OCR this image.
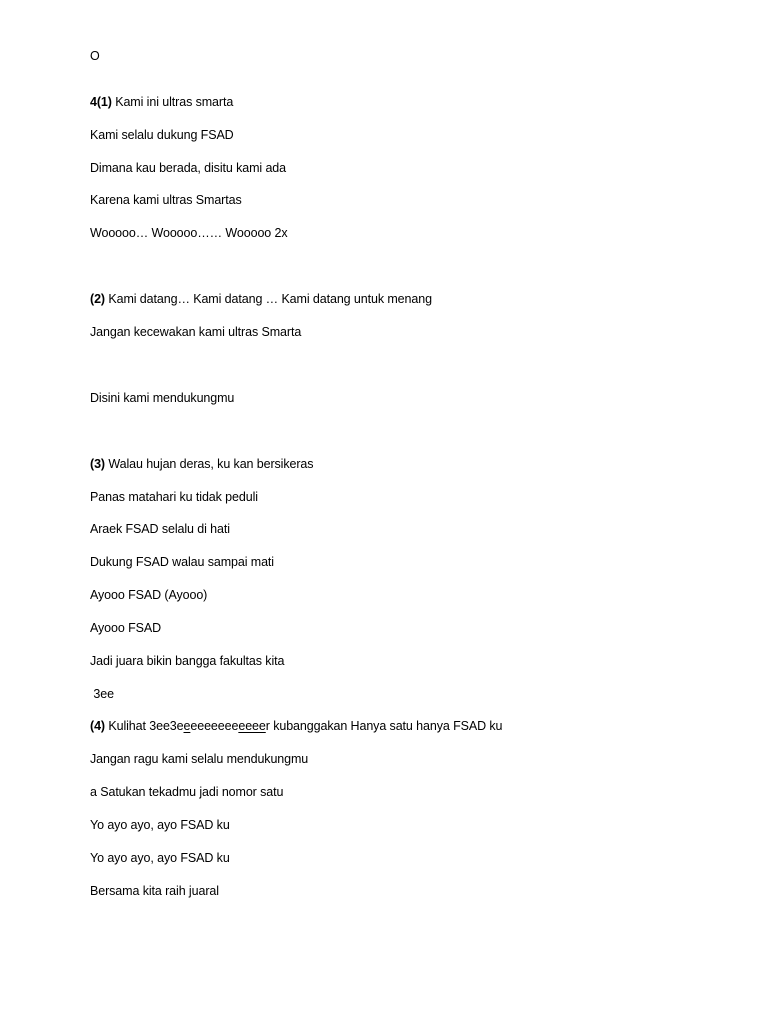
O
4(1) Kami ini ultras smarta
Kami selalu dukung FSAD
Dimana kau berada, disitu kami ada
Karena kami ultras Smartas
Wooooo… Wooooo…… Wooooo 2x
(2) Kami datang… Kami datang … Kami datang untuk menang
Jangan kecewakan kami ultras Smarta
Disini kami mendukungmu
(3) Walau hujan deras, ku kan bersikeras
Panas matahari ku tidak peduli
Araek FSAD selalu di hati
Dukung FSAD walau sampai mati
Ayooo FSAD (Ayooo)
Ayooo FSAD
Jadi juara bikin bangga fakultas kita
3ee
(4) Kulihat 3ee3eeeeeeeeeeeeer kubanggakan Hanya satu hanya FSAD ku
Jangan ragu kami selalu mendukungmu
a Satukan tekadmu jadi nomor satu
Yo ayo ayo, ayo FSAD ku
Yo ayo ayo, ayo FSAD ku
Bersama kita raih juaral
